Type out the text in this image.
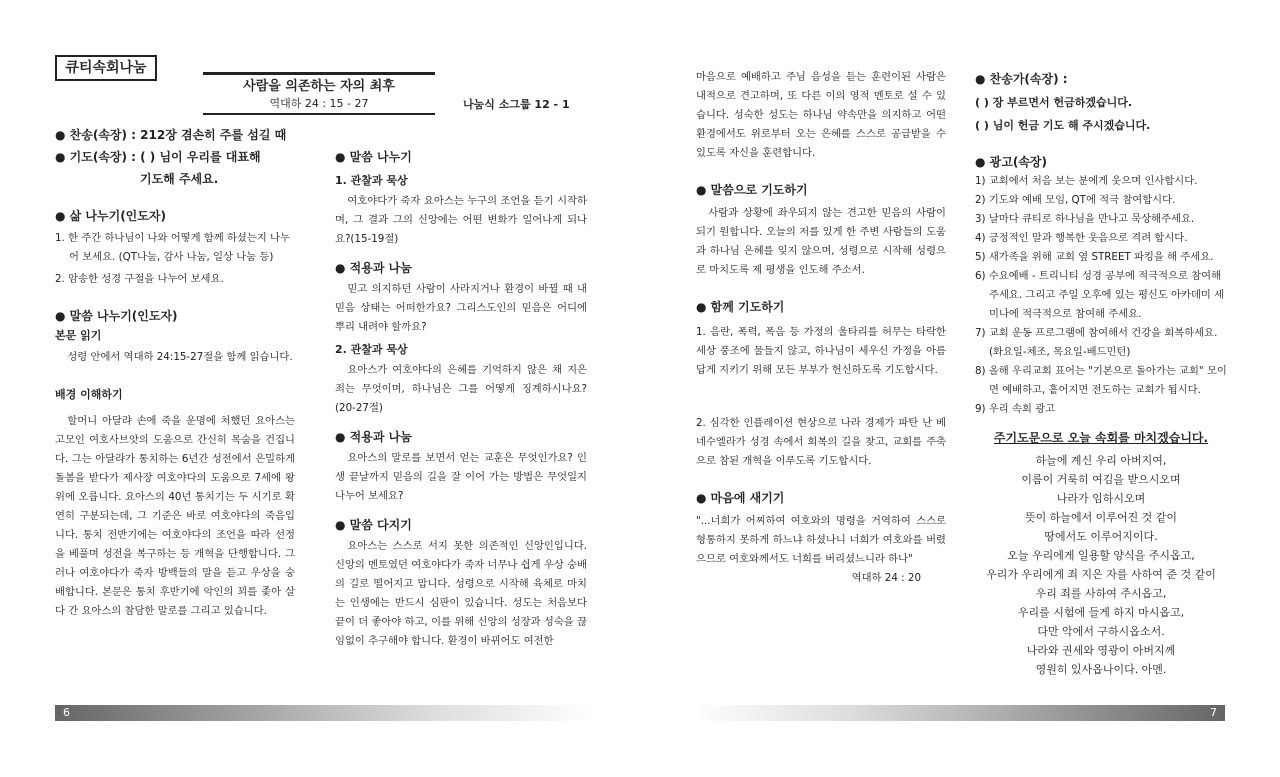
큐티속회나눔
사람을 의존하는 자의 최후
역대하 24 : 15 - 27	나눔식 소그룹 12 - 1
● 찬송(속장) : 212장 겸손히 주를 섬길 때
● 기도(속장) : ( ) 님이 우리를 대표해
기도해 주세요.
● 삶 나누기(인도자)
1. 한 주간 하나님이 나와 어떻게 함께 하셨는지 나누어 보세요. (QT나눔, 감사 나눔, 일상 나눔 등)
2. 암송한 성경 구절을 나누어 보세요.
● 말씀 나누기(인도자)
본문 읽기
성령 안에서 역대하 24:15-27절을 함께 읽습니다.
배경 이해하기
할머니 아달랴 손에 죽을 운명에 처했던 요아스는 고모인 여호사브앗의 도움으로 간신히 목숨을 건집니다. 그는 아달랴가 통치하는 6년간 성전에서 은밀하게 돌봄을 받다가 제사장 여호야다의 도움으로 7세에 왕위에 오릅니다. 요아스의 40년 통치기는 두 시기로 확연히 구분되는데, 그 기준은 바로 여호야다의 죽음입니다. 통치 전반기에는 여호야다의 조언을 따라 선정을 베풀며 성전을 복구하는 등 개혁을 단행합니다. 그러나 여호야다가 죽자 방백들의 말을 듣고 우상을 숭배합니다. 본문은 통치 후반기에 악인의 꾀를 좇아 살다 간 요아스의 참담한 말로를 그리고 있습니다.
● 말씀 나누기
1. 관찰과 묵상
여호야다가 죽자 요아스는 누구의 조언을 듣기 시작하며, 그 결과 그의 신앙에는 어떤 변화가 일어나게 되나요?(15-19절)
● 적용과 나눔
믿고 의지하던 사람이 사라지거나 환경이 바뀔 때 내 믿음 상태는 어떠한가요? 그리스도인의 믿음은 어디에 뿌리 내려야 할까요?
2. 관찰과 묵상
요아스가 여호야다의 은혜를 기억하지 않은 채 지은 죄는 무엇이며, 하나님은 그를 어떻게 징계하시나요?(20-27절)
● 적용과 나눔
요아스의 말로를 보면서 얻는 교훈은 무엇인가요? 인생 끝날까지 믿음의 길을 잘 이어 가는 방법은 무엇일지 나누어 보세요?
● 말씀 다지기
요아스는 스스로 서지 못한 의존적인 신앙인입니다. 신앙의 멘토였던 여호야다가 죽자 너무나 쉽게 우상 숭배의 길로 떨어지고 맙니다. 성령으로 시작해 육체로 마치는 인생에는 반드시 심판이 있습니다. 성도는 처음보다 끝이 더 좋아야 하고, 이를 위해 신앙의 성장과 성숙을 끊임없이 추구해야 합니다. 환경이 바뀌어도 여전한
마음으로 예배하고 주님 음성을 듣는 훈련이된 사람은 내적으로 견고하며, 또 다른 이의 영적 멘토로 설 수 있습니다. 성숙한 성도는 하나님 약속만을 의지하고 어떤 환경에서도 위로부터 오는 은혜를 스스로 공급받을 수 있도록 자신을 훈련합니다.
● 말씀으로 기도하기
사람과 상황에 좌우되지 않는 견고한 믿음의 사람이 되기 원합니다. 오늘의 저를 있게 한 주변 사람들의 도움과 하나님 은혜를 잊지 않으며, 성령으로 시작해 성령으로 마치도록 제 평생을 인도해 주소서.
● 함께 기도하기
1. 음란, 폭력, 폭음 등 가정의 울타리를 허무는 타락한 세상 풍조에 물들지 않고, 하나님이 세우신 가정을 아름답게 지키기 위해 모든 부부가 헌신하도록 기도합시다.
2. 심각한 인플레이션 현상으로 나라 경제가 파탄 난 베네수엘라가 성경 속에서 회복의 길을 찾고, 교회를 주축으로 참된 개혁을 이루도록 기도합시다.
● 마음에 새기기
"...너희가 어찌하여 여호와의 명령을 거역하여 스스로 형통하지 못하게 하느냐 하셨나니 너희가 여호와를 버렸으므로 여호와께서도 너희를 버리셨느니라 하나"
역대하 24 : 20
● 찬송가(속장) :
( ) 장 부르면서 헌금하겠습니다.
( ) 님이 헌금 기도 해 주시겠습니다.
● 광고(속장)
1) 교회에서 처음 보는 분에게 웃으며 인사합시다.
2) 기도와 예배 모임, QT에 적극 참여합시다.
3) 날마다 큐티로 하나님을 만나고 묵상해주세요.
4) 긍정적인 말과 행복한 웃음으로 격려 합시다.
5) 새가족을 위해 교회 옆 STREET 파킹을 해 주세요.
6) 수요예배 - 트리니티 성경 공부에 적극적으로 참여해 주세요. 그리고 주일 오후에 있는 평신도 아카데미 세미나에 적극적으로 참여해 주세요.
7) 교회 운동 프로그램에 참여해서 건강을 회복하세요. (화요일-체조, 목요일-배드민턴)
8) 올해 우리교회 표어는 "기본으로 돌아가는 교회" 모이면 예배하고, 흩어지면 전도하는 교회가 됩시다.
9) 우리 속회 광고
주기도문으로 오늘 속회를 마치겠습니다.
하늘에 계신 우리 아버지여,
이름이 거룩히 여김을 받으시오며
나라가 임하시오며
뜻이 하늘에서 이루어진 것 같이
땅에서도 이루어지이다.
오늘 우리에게 일용할 양식을 주시옵고,
우리가 우리에게 죄 지은 자를 사하여 준 것 같이
우리 죄를 사하여 주시옵고,
우리를 시험에 들게 하지 마시옵고,
다만 악에서 구하시옵소서.
나라와 권세와 영광이 아버지께
영원히 있사옵나이다. 아멘.
6	7
